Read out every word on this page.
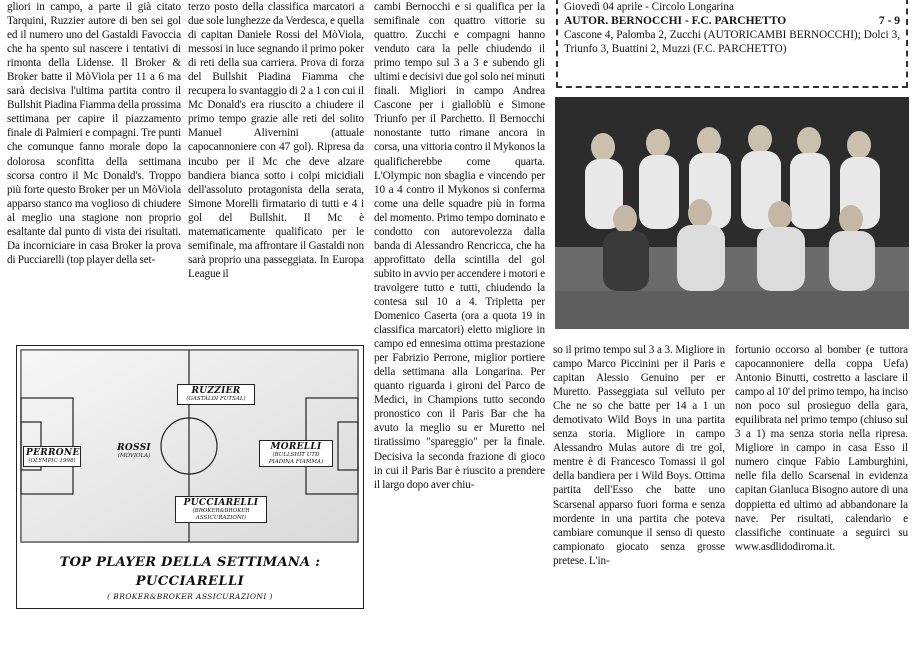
gliori in campo, a parte il già citato Tarquini, Ruzzier autore di ben sei gol ed il numero uno del Gastaldi Favoccia che ha spento sul nascere i tentativi di rimonta della Lidense. Il Broker & Broker batte il MòViola per 11 a 6 ma sarà decisiva l'ultima partita contro il Bullshit Piadina Fiamma della prossima settimana per capire il piazzamento finale di Palmieri e compagni. Tre punti che comunque fanno morale dopo la dolorosa sconfitta della settimana scorsa contro il Mc Donald's. Troppo più forte questo Broker per un MòViola apparso stanco ma voglioso di chiudere al meglio una stagione non proprio esaltante dal punto di vista dei risultati. Da incorniciare in casa Broker la prova di Pucciarelli (top player della set-

terzo posto della classifica marcatori a due sole lunghezze da Verdesca, e quella di capitan Daniele Rossi del MòViola, messosi in luce segnando il primo poker di reti della sua carriera. Prova di forza del Bullshit Piadina Fiamma che recupera lo svantaggio di 2 a 1 con cui il Mc Donald's era riuscito a chiudere il primo tempo grazie alle reti del solito Manuel Alivernini (attuale capocannoniere con 47 gol). Ripresa da incubo per il Mc che deve alzare bandiera bianca sotto i colpi micidiali dell'assoluto protagonista della serata, Simone Morelli firmatario di tutti e 4 i gol del Bullshit. Il Mc è matematicamente qualificato per le semifinale, ma affrontare il Gastaldi non sarà proprio una passeggiata. In Europa League il

cambi Bernocchi e si qualifica per la semifinale con quattro vittorie su quattro. Zucchi e compagni hanno venduto cara la pelle chiudendo il primo tempo sul 3 a 3 e subendo gli ultimi e decisivi due gol solo nei minuti finali. Migliori in campo Andrea Cascone per i gialloblù e Simone Triunfo per il Parchetto. Il Bernocchi nonostante tutto rimane ancora in corsa, una vittoria contro il Mykonos la qualificherebbe come quarta. L'Olympic non sbaglia e vincendo per 10 a 4 contro il Mykonos si conferma come una delle squadre più in forma del momento. Primo tempo dominato e condotto con autorevolezza dalla banda di Alessandro Rencricca, che ha approfittato della scintilla del gol subito in avvio per accendere i motori e travolgere tutto e tutti, chiudendo la contesa sul 10 a 4. Tripletta per Domenico Caserta (ora a quota 19 in classifica marcatori) eletto migliore in campo ed ennesima ottima prestazione per Fabrizio Perrone, miglior portiere della settimana alla Longarina. Per quanto riguarda i gironi del Parco de Medici, in Champions tutto secondo pronostico con il Paris Bar che ha avuto la meglio su er Muretto nel tiratissimo "spareggio" per la finale. Decisiva la seconda frazione di gioco in cui il Paris Bar è riuscito a prendere il largo dopo aver chiu-

so il primo tempo sul 3 a 3. Migliore in campo Marco Piccinini per il Paris e capitan Alessio Genuino per er Muretto. Passeggiata sul velluto per Che ne so che batte per 14 a 1 un demotivato Wild Boys in una partita senza storia. Migliore in campo Alessandro Mulas autore di tre gol, mentre è di Francesco Tomassi il gol della bandiera per i Wild Boys. Ottima partita dell'Esso che batte uno Scarsenal apparso fuori forma e senza mordente in una partita che poteva cambiare comunque il senso di questo campionato giocato senza grosse pretese. L'in-

fortunio occorso al bomber (e tuttora capocannoniere della coppa Uefa) Antonio Binutti, costretto a lasciare il campo al 10' del primo tempo, ha inciso non poco sul prosieguo della gara, equilibrata nel primo tempo (chiuso sul 3 a 1) ma senza storia nella ripresa. Migliore in campo in casa Esso il numero cinque Fabio Lamburghini, nelle fila dello Scarsenal in evidenza capitan Gianluca Bisogno autore di una doppietta ed ultimo ad abbandonare la nave. Per risultati, calendario e classifiche continuate a seguirci su www.asdlidodiroma.it.

Giovedì 04 aprile - Circolo Longarina

AUTOR. BERNOCCHI - F.C. PARCHETTO	7 - 9

Cascone 4, Palomba 2, Zucchi (AUTORICAMBI BERNOCCHI); Dolci 3, Triunfo 3, Buattini 2, Muzzi (F.C. PARCHETTO)

RUZZIER
(GASTALDI FUTSAL)
PERRONE
(OLYMPIC 1998)
ROSSI
(MÒVIOLA)
MORELLI
(BULLSHIT UTD PIADINA FIAMMA)
PUCCIARELLI
(BROKER&BROKER ASSICURAZIONI)

TOP PLAYER DELLA SETTIMANA :

PUCCIARELLI

( BROKER&BROKER ASSICURAZIONI )
